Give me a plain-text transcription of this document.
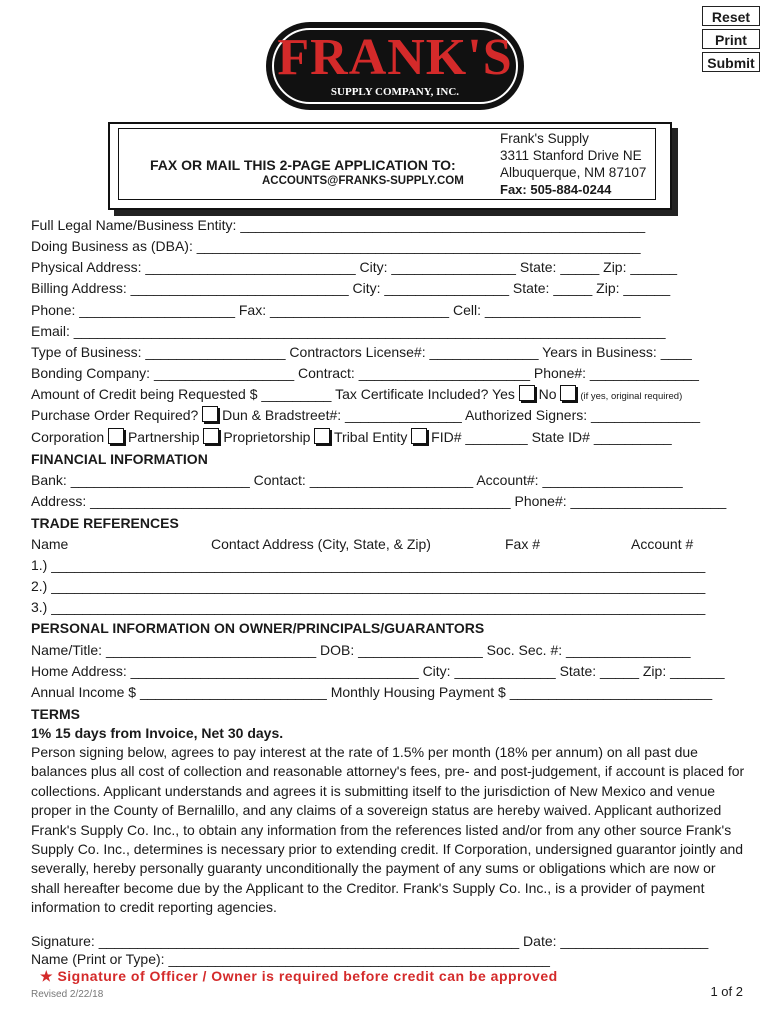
Reset
Print
Submit
FRANK'S
SUPPLY COMPANY, INC.
FAX OR MAIL THIS 2-PAGE APPLICATION TO:
ACCOUNTS@FRANKS-SUPPLY.COM
Frank's Supply
3311 Stanford Drive NE
Albuquerque, NM 87107
Fax: 505-884-0244
Full Legal Name/Business Entity: ____________________________________________________
Doing Business as (DBA): _________________________________________________________
Physical Address: ___________________________ City: ________________ State: _____ Zip: ______
Billing Address: ____________________________ City: ________________ State: _____ Zip: ______
Phone: ____________________ Fax: _______________________ Cell: ____________________
Email: ____________________________________________________________________________
Type of Business: __________________ Contractors License#: ______________ Years in Business: ____
Bonding Company: __________________ Contract: ______________________ Phone#: ______________
Amount of Credit being Requested $ _________ Tax Certificate Included? Yes No	(if yes, original required)
Purchase Order Required? Dun & Bradstreet#: _______________ Authorized Signers: ______________
Corporation Partnership Proprietorship Tribal Entity FID# ________ State ID# __________
FINANCIAL INFORMATION
Bank: _______________________ Contact: _____________________ Account#: __________________
Address: ______________________________________________________ Phone#: ____________________
TRADE REFERENCES
Name	Contact Address (City, State, & Zip)	Fax #	Account #
1.) ____________________________________________________________________________________
2.) ____________________________________________________________________________________
3.) ____________________________________________________________________________________
PERSONAL INFORMATION ON OWNER/PRINCIPALS/GUARANTORS
Name/Title: ___________________________ DOB: ________________ Soc. Sec. #: ________________
Home Address: _____________________________________ City: _____________ State: _____ Zip: _______
Annual Income $ ________________________ Monthly Housing Payment $ __________________________
TERMS
1% 15 days from Invoice, Net 30 days.
Person signing below, agrees to pay interest at the rate of 1.5% per month (18% per annum) on all past due balances plus all cost of collection and reasonable attorney's fees, pre- and post-judgement, if account is placed for collections. Applicant understands and agrees it is submitting itself to the jurisdiction of New Mexico and venue proper in the County of Bernalillo, and any claims of a sovereign status are hereby waived. Applicant authorized Frank's Supply Co. Inc., to obtain any information from the references listed and/or from any other source Frank's Supply Co. Inc., determines is necessary prior to extending credit. If Corporation, undersigned guarantor jointly and severally, hereby personally guaranty unconditionally the payment of any sums or obligations which are now or shall hereafter become due by the Applicant to the Creditor. Frank's Supply Co. Inc., is a provider of payment information to credit reporting agencies.
Signature: ______________________________________________________ Date: ___________________
Name (Print or Type): _________________________________________________
★ Signature of Officer / Owner is required before credit can be approved
Revised 2/22/18	1 of 2
